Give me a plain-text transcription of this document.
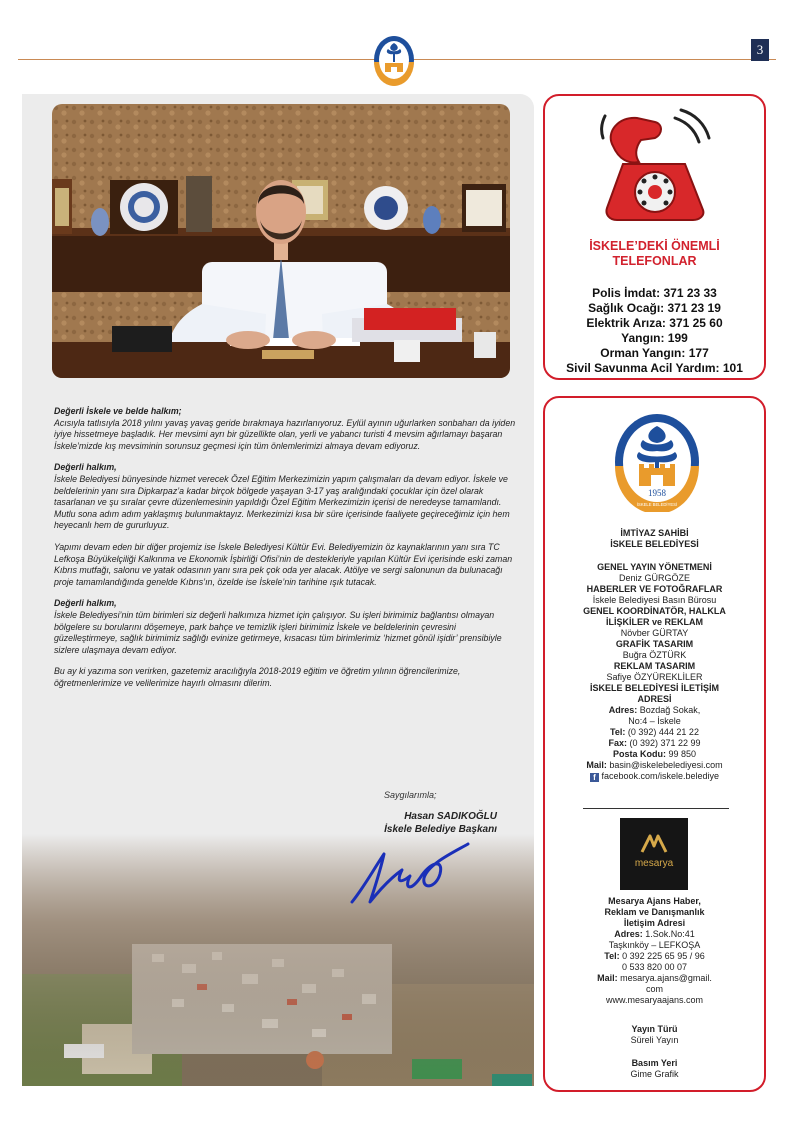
3

Değerli İskele ve belde halkım;
Acısıyla tatlısıyla 2018 yılını yavaş yavaş geride bırakmaya hazırlanıyoruz. Eylül ayının uğurlarken sonbaharı da iyiden iyiye hissetmeye başladık. Her mevsimi ayrı bir güzellikte olan, yerli ve yabancı turisti 4 mevsim ağırlamayı başaran İskele’mizde kış mevsiminin sorunsuz geçmesi için tüm önlemlerimizi almaya devam ediyoruz.

Değerli halkım,
İskele Belediyesi bünyesinde hizmet verecek Özel Eğitim Merkezimizin yapım çalışmaları da devam ediyor. İskele ve beldelerinin yanı sıra Dipkarpaz’a kadar birçok bölgede yaşayan 3-17 yaş aralığındaki çocuklar için özel olarak tasarlanan ve şu sıralar çevre düzenlemesinin yapıldığı Özel Eğitim Merkezimizin içerisi de neredeyse tamamlandı. Mutlu sona adım adım yaklaşmış bulunmaktayız. Merkezimizi kısa bir süre içerisinde faaliyete geçireceğimiz için hem heyecanlı hem de gururluyuz.

Yapımı devam eden bir diğer projemiz ise İskele Belediyesi Kültür Evi. Belediyemizin öz kaynaklarının yanı sıra TC Lefkoşa Büyükelçiliği Kalkınma ve Ekonomik İşbirliği Ofisi’nin de destekleriyle yapılan Kültür Evi içerisinde eski zaman Kıbrıs mutfağı, salonu ve yatak odasının yanı sıra pek çok oda yer alacak. Atölye ve sergi salonunun da bulunacağı proje tamamlandığında genelde Kıbrıs’ın, özelde ise İskele’nin tarihine ışık tutacak.

Değerli halkım,
İskele Belediyesi’nin tüm birimleri siz değerli halkımıza hizmet için çalışıyor. Su işleri birimimiz bağlantısı olmayan bölgelere su borularını döşemeye, park bahçe ve temizlik işleri birimimiz İskele ve beldelerinin çevresini güzelleştirmeye, sağlık birimimiz sağlığı evinize getirmeye, kısacası tüm birimlerimiz ‘hizmet gönül işidir’ prensibiyle sizlere ulaşmaya devam ediyor.

Bu ay ki yazıma son verirken, gazetemiz aracılığıyla 2018-2019 eğitim ve öğretim yılının öğrencilerimize, öğretmenlerimize ve velilerimize hayırlı olmasını dilerim.

Saygılarımla;
Hasan SADIKOĞLU
İskele Belediye Başkanı
İSKELE’DEKİ ÖNEMLİ
TELEFONLAR
Polis İmdat: 371 23 33
Sağlık Ocağı: 371 23 19
Elektrik Arıza: 371 25 60
Yangın: 199
Orman Yangın: 177
Sivil Savunma Acil Yardım: 101
1958
İSKELE BELEDİYESİ
İMTİYAZ SAHİBİ
İSKELE BELEDİYESİ
GENEL YAYIN YÖNETMENİ
Deniz GÜRGÖZE
HABERLER VE FOTOĞRAFLAR
İskele Belediyesi Basın Bürosu
GENEL KOORDİNATÖR, HALKLA
İLİŞKİLER ve REKLAM
Növber GÜRTAY
GRAFİK TASARIM
Buğra ÖZTÜRK
REKLAM TASARIM
Safiye ÖZYÜREKLİLER
İSKELE BELEDİYESİ İLETİŞİM
ADRESİ
Adres: Bozdağ Sokak,
No:4 – İskele
Tel: (0 392) 444 21 22
Fax: (0 392) 371 22 99
Posta Kodu: 99 850
Mail: basin@iskelebelediyesi.com
f facebook.com/iskele.belediye
mesarya
Mesarya Ajans Haber,
Reklam ve Danışmanlık
İletişim Adresi
Adres: 1.Sok.No:41
Taşkınköy – LEFKOŞA
Tel: 0 392 225 65 95 / 96
0 533 820 00 07
Mail: mesarya.ajans@gmail.
com
www.mesaryaajans.com
Yayın Türü
Süreli Yayın
Basım Yeri
Gime Grafik
